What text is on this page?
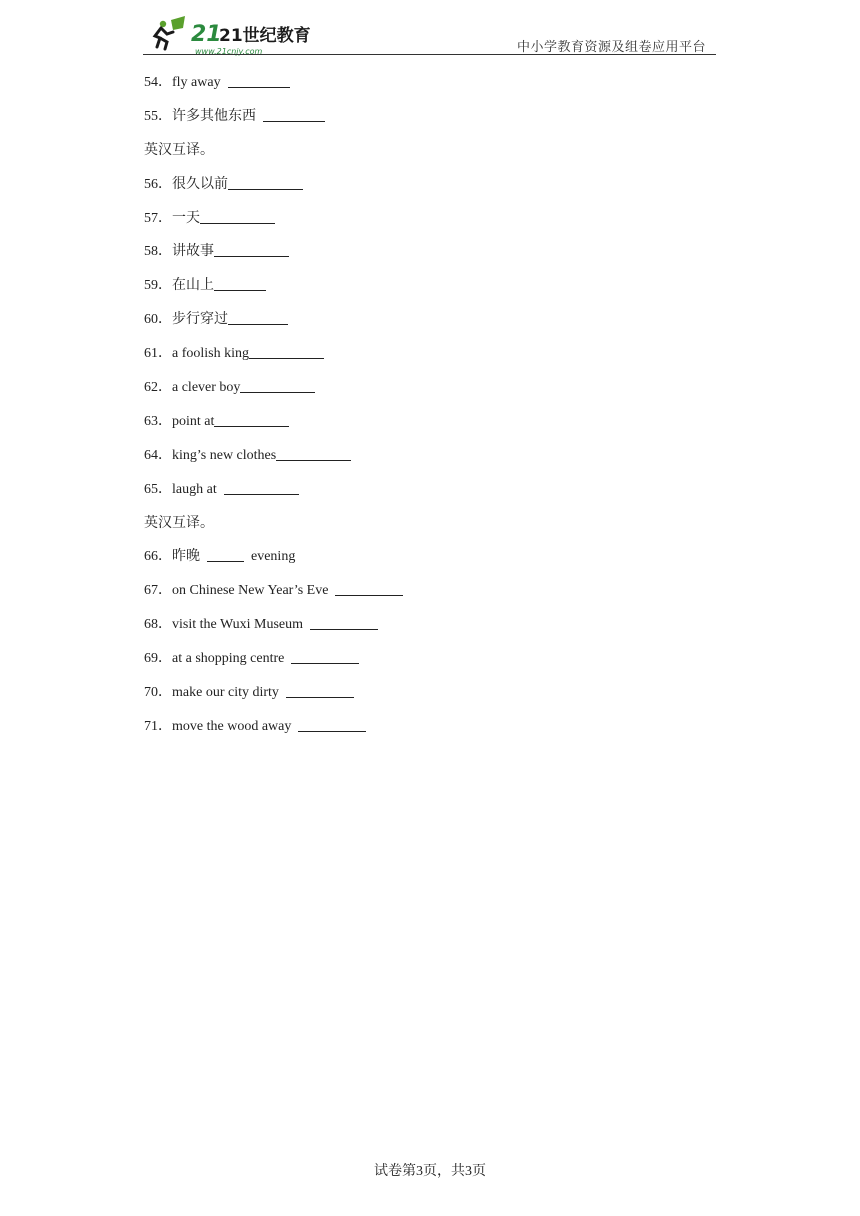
21
21世纪教育
www.21cnjy.com	中小学教育资源及组卷应用平台
54．fly away
55．许多其他东西
英汉互译。
56．很久以前
57．一天
58．讲故事
59．在山上
60．步行穿过
61．a foolish king
62．a clever boy
63．point at
64．king’s new clothes
65．laugh at
英汉互译。
66．昨晚	evening
67．on Chinese New Year’s Eve
68．visit the Wuxi Museum
69．at a shopping centre
70．make our city dirty
71．move the wood away
试卷第3页，共3页
